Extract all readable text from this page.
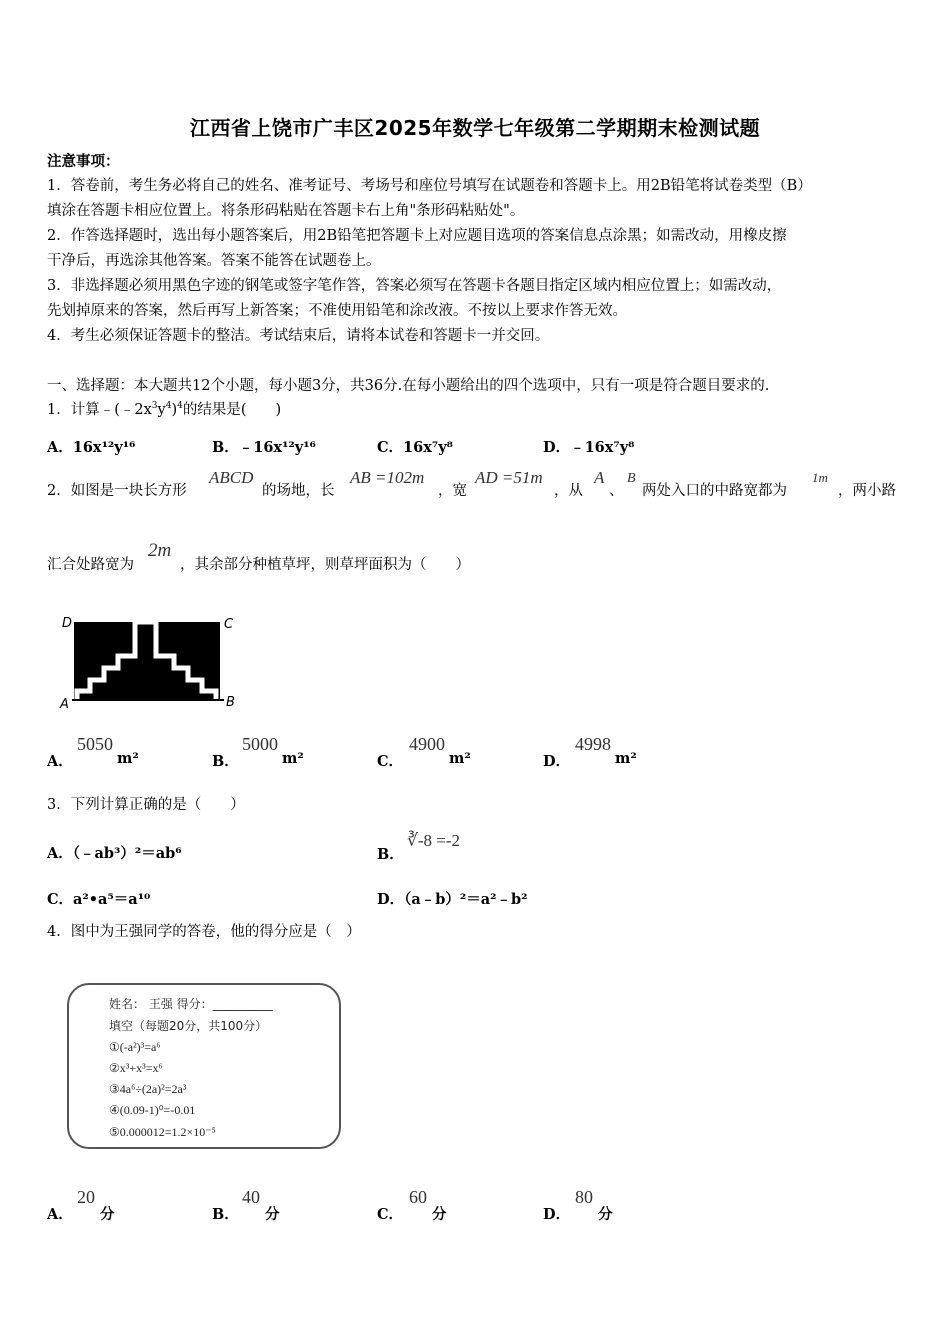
江西省上饶市广丰区2025年数学七年级第二学期期末检测试题
注意事项：
1．答卷前，考生务必将自己的姓名、准考证号、考场号和座位号填写在试题卷和答题卡上。用2B铅笔将试卷类型（B）
填涂在答题卡相应位置上。将条形码粘贴在答题卡右上角"条形码粘贴处"。
2．作答选择题时，选出每小题答案后，用2B铅笔把答题卡上对应题目选项的答案信息点涂黑；如需改动，用橡皮擦
干净后，再选涂其他答案。答案不能答在试题卷上。
3．非选择题必须用黑色字迹的钢笔或签字笔作答，答案必须写在答题卡各题目指定区域内相应位置上；如需改动，
先划掉原来的答案，然后再写上新答案；不准使用铅笔和涂改液。不按以上要求作答无效。
4．考生必须保证答题卡的整洁。考试结束后，请将本试卷和答题卡一并交回。
一、选择题：本大题共12个小题，每小题3分，共36分.在每小题给出的四个选项中，只有一项是符合题目要求的.
1．计算$﹣(﹣2x^3y^4)^4$的结果是(　　)
A．16x¹²y¹⁶	B．﹣16x¹²y¹⁶	C．16x⁷y⁸	D．﹣16x⁷y⁸
2．如图是一块长方形
ABCD
的场地，长
AB =102m
，宽
AD =51m
，从
A
、
B
两处入口的中路宽都为
1m
，两小路
汇合处路宽为
2m
，其余部分种植草坪，则草坪面积为（　　）
D	C
A	B
A．
5050
m²	B．
5000
m²	C．
4900
m²	D．
4998
m²
3．下列计算正确的是（　　）
A．（﹣ab³）²＝ab⁶	B．
∛-8 =-2
C．a²•a⁵＝a¹⁰	D．（a﹣b）²＝a²﹣b²
4．图中为王强同学的答卷，他的得分应是（　）
姓名： 王强 得分：__________
填空（每题20分，共100分）
①(-a²)³=a⁶
②x³+x³=x⁶
③4a⁶÷(2a)²=2a³
④(0.09-1)⁰=-0.01
⑤0.000012=1.2×10⁻⁵
A．
20
分	B．
40
分	C．
60
分	D．
80
分
